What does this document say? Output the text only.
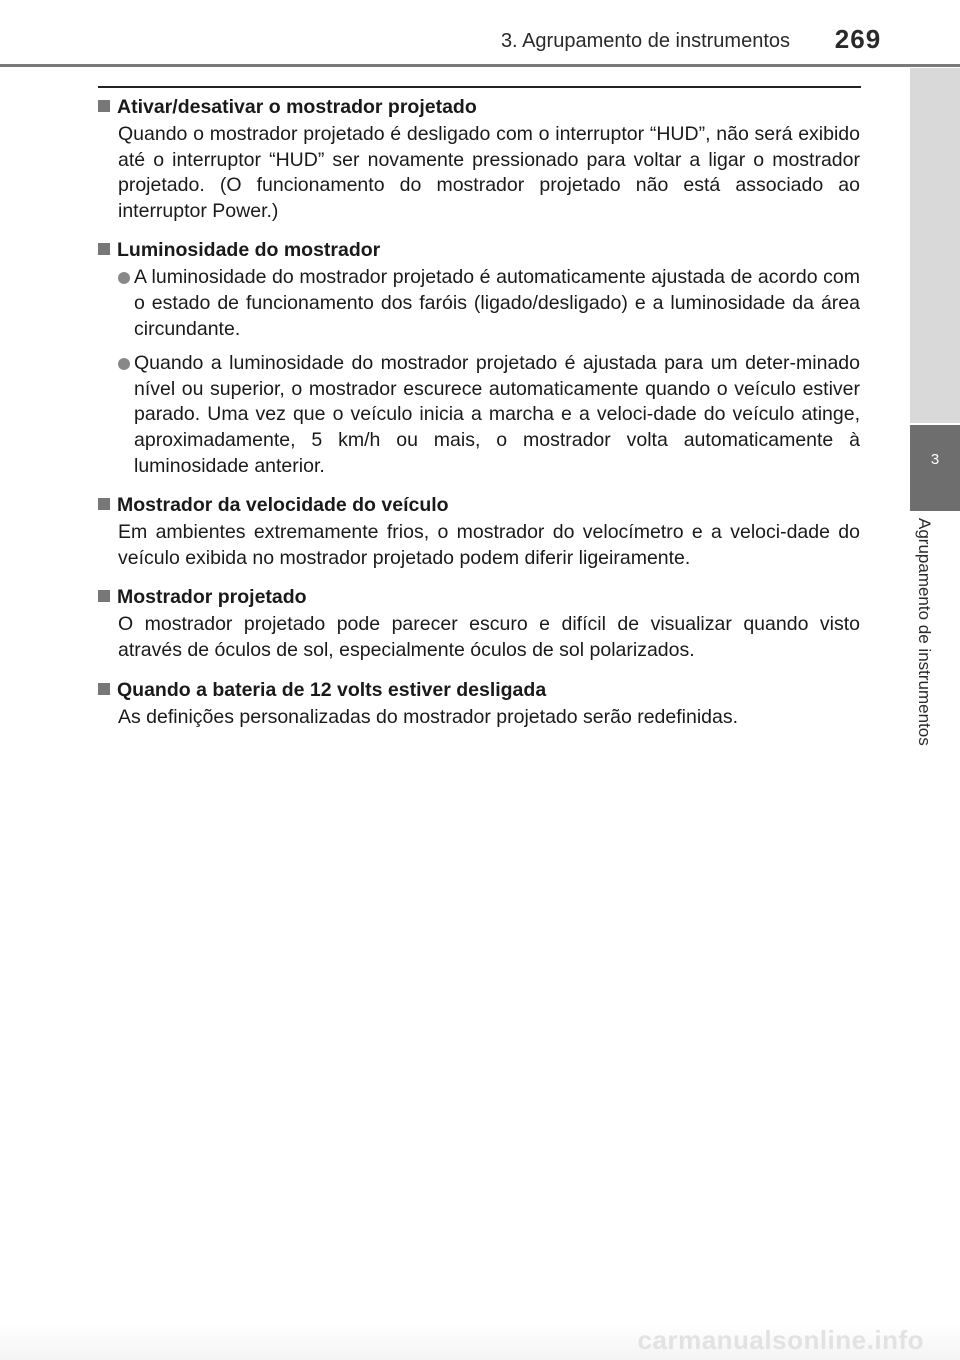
3. Agrupamento de instrumentos	269
3
Agrupamento de instrumentos
Ativar/desativar o mostrador projetado
Quando o mostrador projetado é desligado com o interruptor “HUD”, não será exibido até o interruptor “HUD” ser novamente pressionado para voltar a ligar o mostrador projetado. (O funcionamento do mostrador projetado não está associado ao interruptor Power.)
Luminosidade do mostrador
A luminosidade do mostrador projetado é automaticamente ajustada de acordo com o estado de funcionamento dos faróis (ligado/desligado) e a luminosidade da área circundante.
Quando a luminosidade do mostrador projetado é ajustada para um deter-minado nível ou superior, o mostrador escurece automaticamente quando o veículo estiver parado. Uma vez que o veículo inicia a marcha e a veloci-dade do veículo atinge, aproximadamente, 5 km/h ou mais, o mostrador volta automaticamente à luminosidade anterior.
Mostrador da velocidade do veículo
Em ambientes extremamente frios, o mostrador do velocímetro e a veloci-dade do veículo exibida no mostrador projetado podem diferir ligeiramente.
Mostrador projetado
O mostrador projetado pode parecer escuro e difícil de visualizar quando visto através de óculos de sol, especialmente óculos de sol polarizados.
Quando a bateria de 12 volts estiver desligada
As definições personalizadas do mostrador projetado serão redefinidas.
carmanualsonline.info
